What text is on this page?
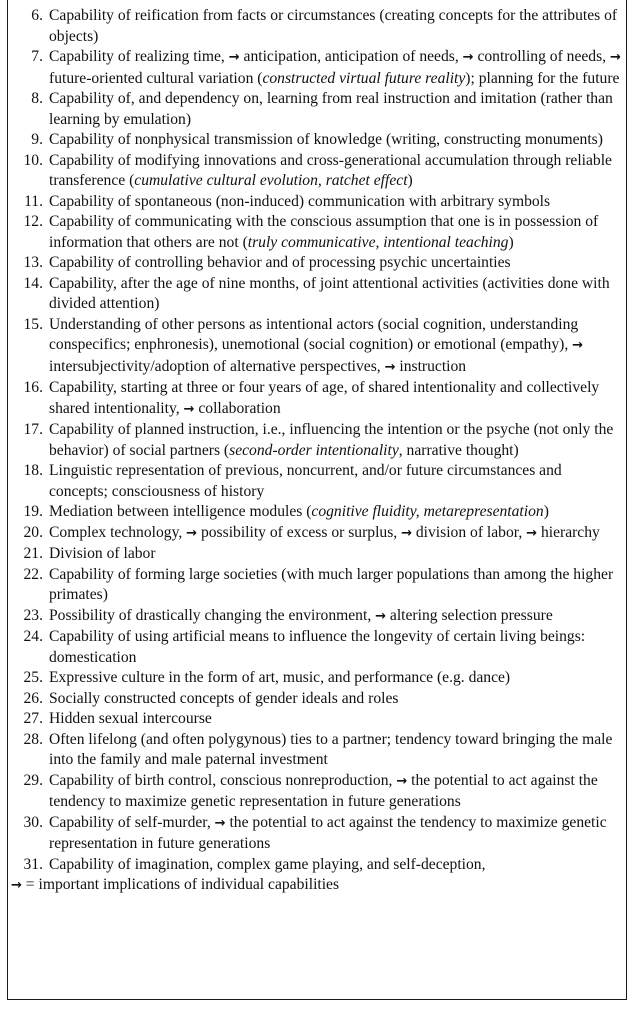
6. Capability of reification from facts or circumstances (creating concepts for the attributes of objects)
7. Capability of realizing time, → anticipation, anticipation of needs, → controlling of needs, → future-oriented cultural variation (constructed virtual future reality); planning for the future
8. Capability of, and dependency on, learning from real instruction and imitation (rather than learning by emulation)
9. Capability of nonphysical transmission of knowledge (writing, constructing monuments)
10. Capability of modifying innovations and cross-generational accumulation through reliable transference (cumulative cultural evolution, ratchet effect)
11. Capability of spontaneous (non-induced) communication with arbitrary symbols
12. Capability of communicating with the conscious assumption that one is in possession of information that others are not (truly communicative, intentional teaching)
13. Capability of controlling behavior and of processing psychic uncertainties
14. Capability, after the age of nine months, of joint attentional activities (activities done with divided attention)
15. Understanding of other persons as intentional actors (social cognition, understanding conspecifics; enphronesis), unemotional (social cognition) or emotional (empathy), → intersubjectivity/adoption of alternative perspectives, → instruction
16. Capability, starting at three or four years of age, of shared intentionality and collectively shared intentionality, → collaboration
17. Capability of planned instruction, i.e., influencing the intention or the psyche (not only the behavior) of social partners (second-order intentionality, narrative thought)
18. Linguistic representation of previous, noncurrent, and/or future circumstances and concepts; consciousness of history
19. Mediation between intelligence modules (cognitive fluidity, metarepresentation)
20. Complex technology, → possibility of excess or surplus, → division of labor, → hierarchy
21. Division of labor
22. Capability of forming large societies (with much larger populations than among the higher primates)
23. Possibility of drastically changing the environment, → altering selection pressure
24. Capability of using artificial means to influence the longevity of certain living beings: domestication
25. Expressive culture in the form of art, music, and performance (e.g. dance)
26. Socially constructed concepts of gender ideals and roles
27. Hidden sexual intercourse
28. Often lifelong (and often polygynous) ties to a partner; tendency toward bringing the male into the family and male paternal investment
29. Capability of birth control, conscious nonreproduction, → the potential to act against the tendency to maximize genetic representation in future generations
30. Capability of self-murder, → the potential to act against the tendency to maximize genetic representation in future generations
31. Capability of imagination, complex game playing, and self-deception,
→ = important implications of individual capabilities
